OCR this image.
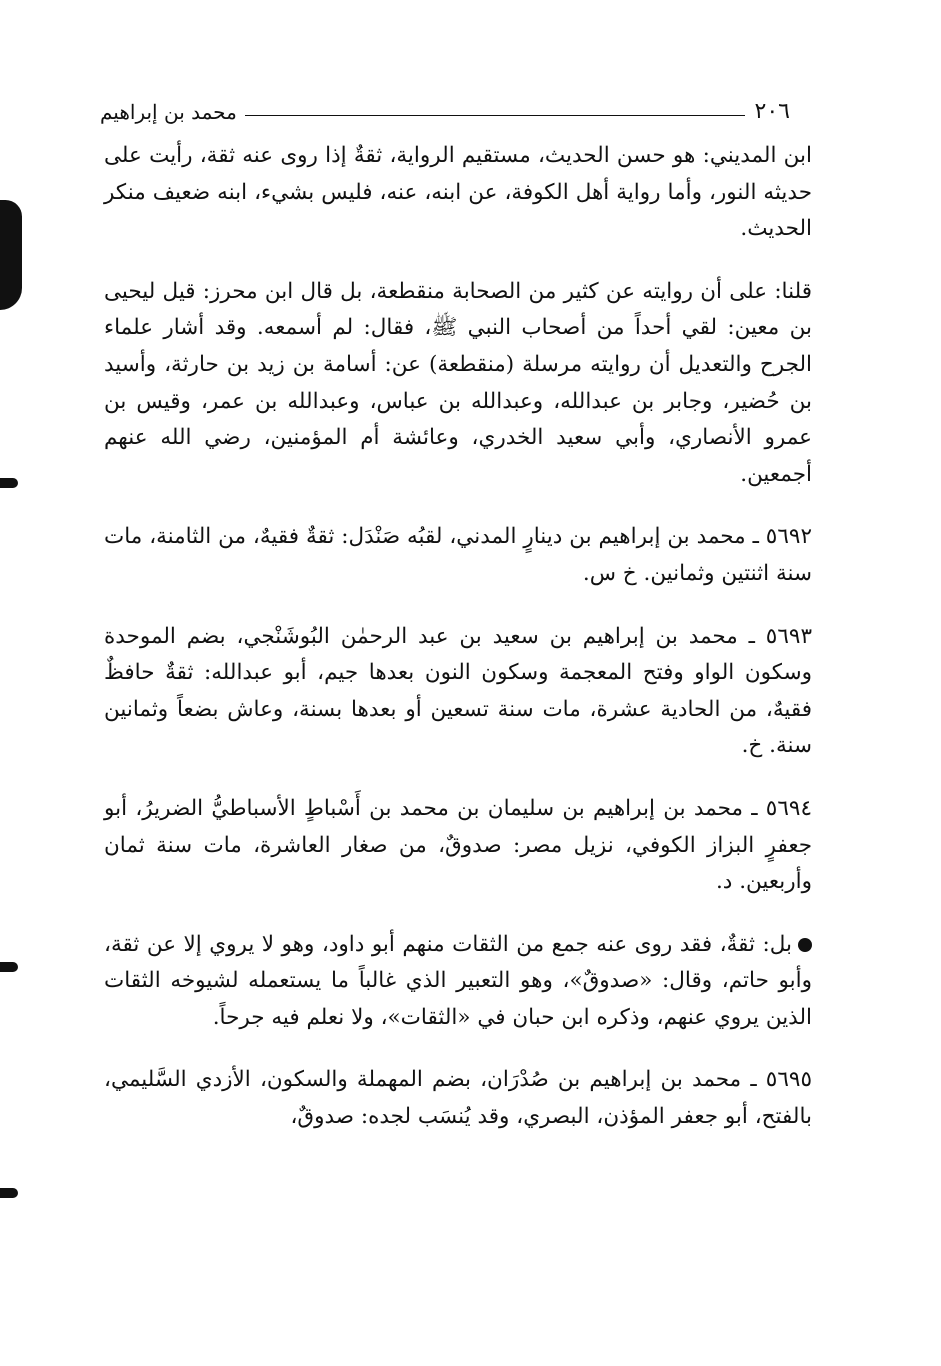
٢٠٦
محمد بن إبراهيم

ابن المديني: هو حسن الحديث، مستقيم الرواية، ثقةٌ إذا روى عنه ثقة، رأيت على حديثه النور، وأما رواية أهل الكوفة، عن ابنه، عنه، فليس بشيء، ابنه ضعيف منكر الحديث.

قلنا: على أن روايته عن كثير من الصحابة منقطعة، بل قال ابن محرز: قيل ليحيى بن معين: لقي أحداً من أصحاب النبي ﷺ، فقال: لم أسمعه. وقد أشار علماء الجرح والتعديل أن روايته مرسلة (منقطعة) عن: أسامة بن زيد بن حارثة، وأسيد بن حُضير، وجابر بن عبدالله، وعبدالله بن عباس، وعبدالله بن عمر، وقيس بن عمرو الأنصاري، وأبي سعيد الخدري، وعائشة أم المؤمنين، رضي الله عنهم أجمعين.

٥٦٩٢ ـ محمد بن إبراهيم بن دينارٍ المدني، لقبُه صَنْدَل: ثقةٌ فقيهٌ، من الثامنة، مات سنة اثنتين وثمانين. خ س.

٥٦٩٣ ـ محمد بن إبراهيم بن سعيد بن عبد الرحمٰن البُوشَنْجي، بضم الموحدة وسكون الواو وفتح المعجمة وسكون النون بعدها جيم، أبو عبدالله: ثقةٌ حافظٌ فقيهٌ، من الحادية عشرة، مات سنة تسعين أو بعدها بسنة، وعاش بضعاً وثمانين سنة. خ.

٥٦٩٤ ـ محمد بن إبراهيم بن سليمان بن محمد بن أَسْباطٍ الأسباطيُّ الضريرُ، أبو جعفرٍ البزاز الكوفي، نزيل مصر: صدوقٌ، من صغار العاشرة، مات سنة ثمان وأربعين. د.

بل: ثقةٌ، فقد روى عنه جمع من الثقات منهم أبو داود، وهو لا يروي إلا عن ثقة، وأبو حاتم، وقال: «صدوقٌ»، وهو التعبير الذي غالباً ما يستعمله لشيوخه الثقات الذين يروي عنهم، وذكره ابن حبان في «الثقات»، ولا نعلم فيه جرحاً.

٥٦٩٥ ـ محمد بن إبراهيم بن صُدْرَان، بضم المهملة والسكون، الأزدي السَّليمي، بالفتح، أبو جعفر المؤذن، البصري، وقد يُنسَب لجده: صدوقٌ،
